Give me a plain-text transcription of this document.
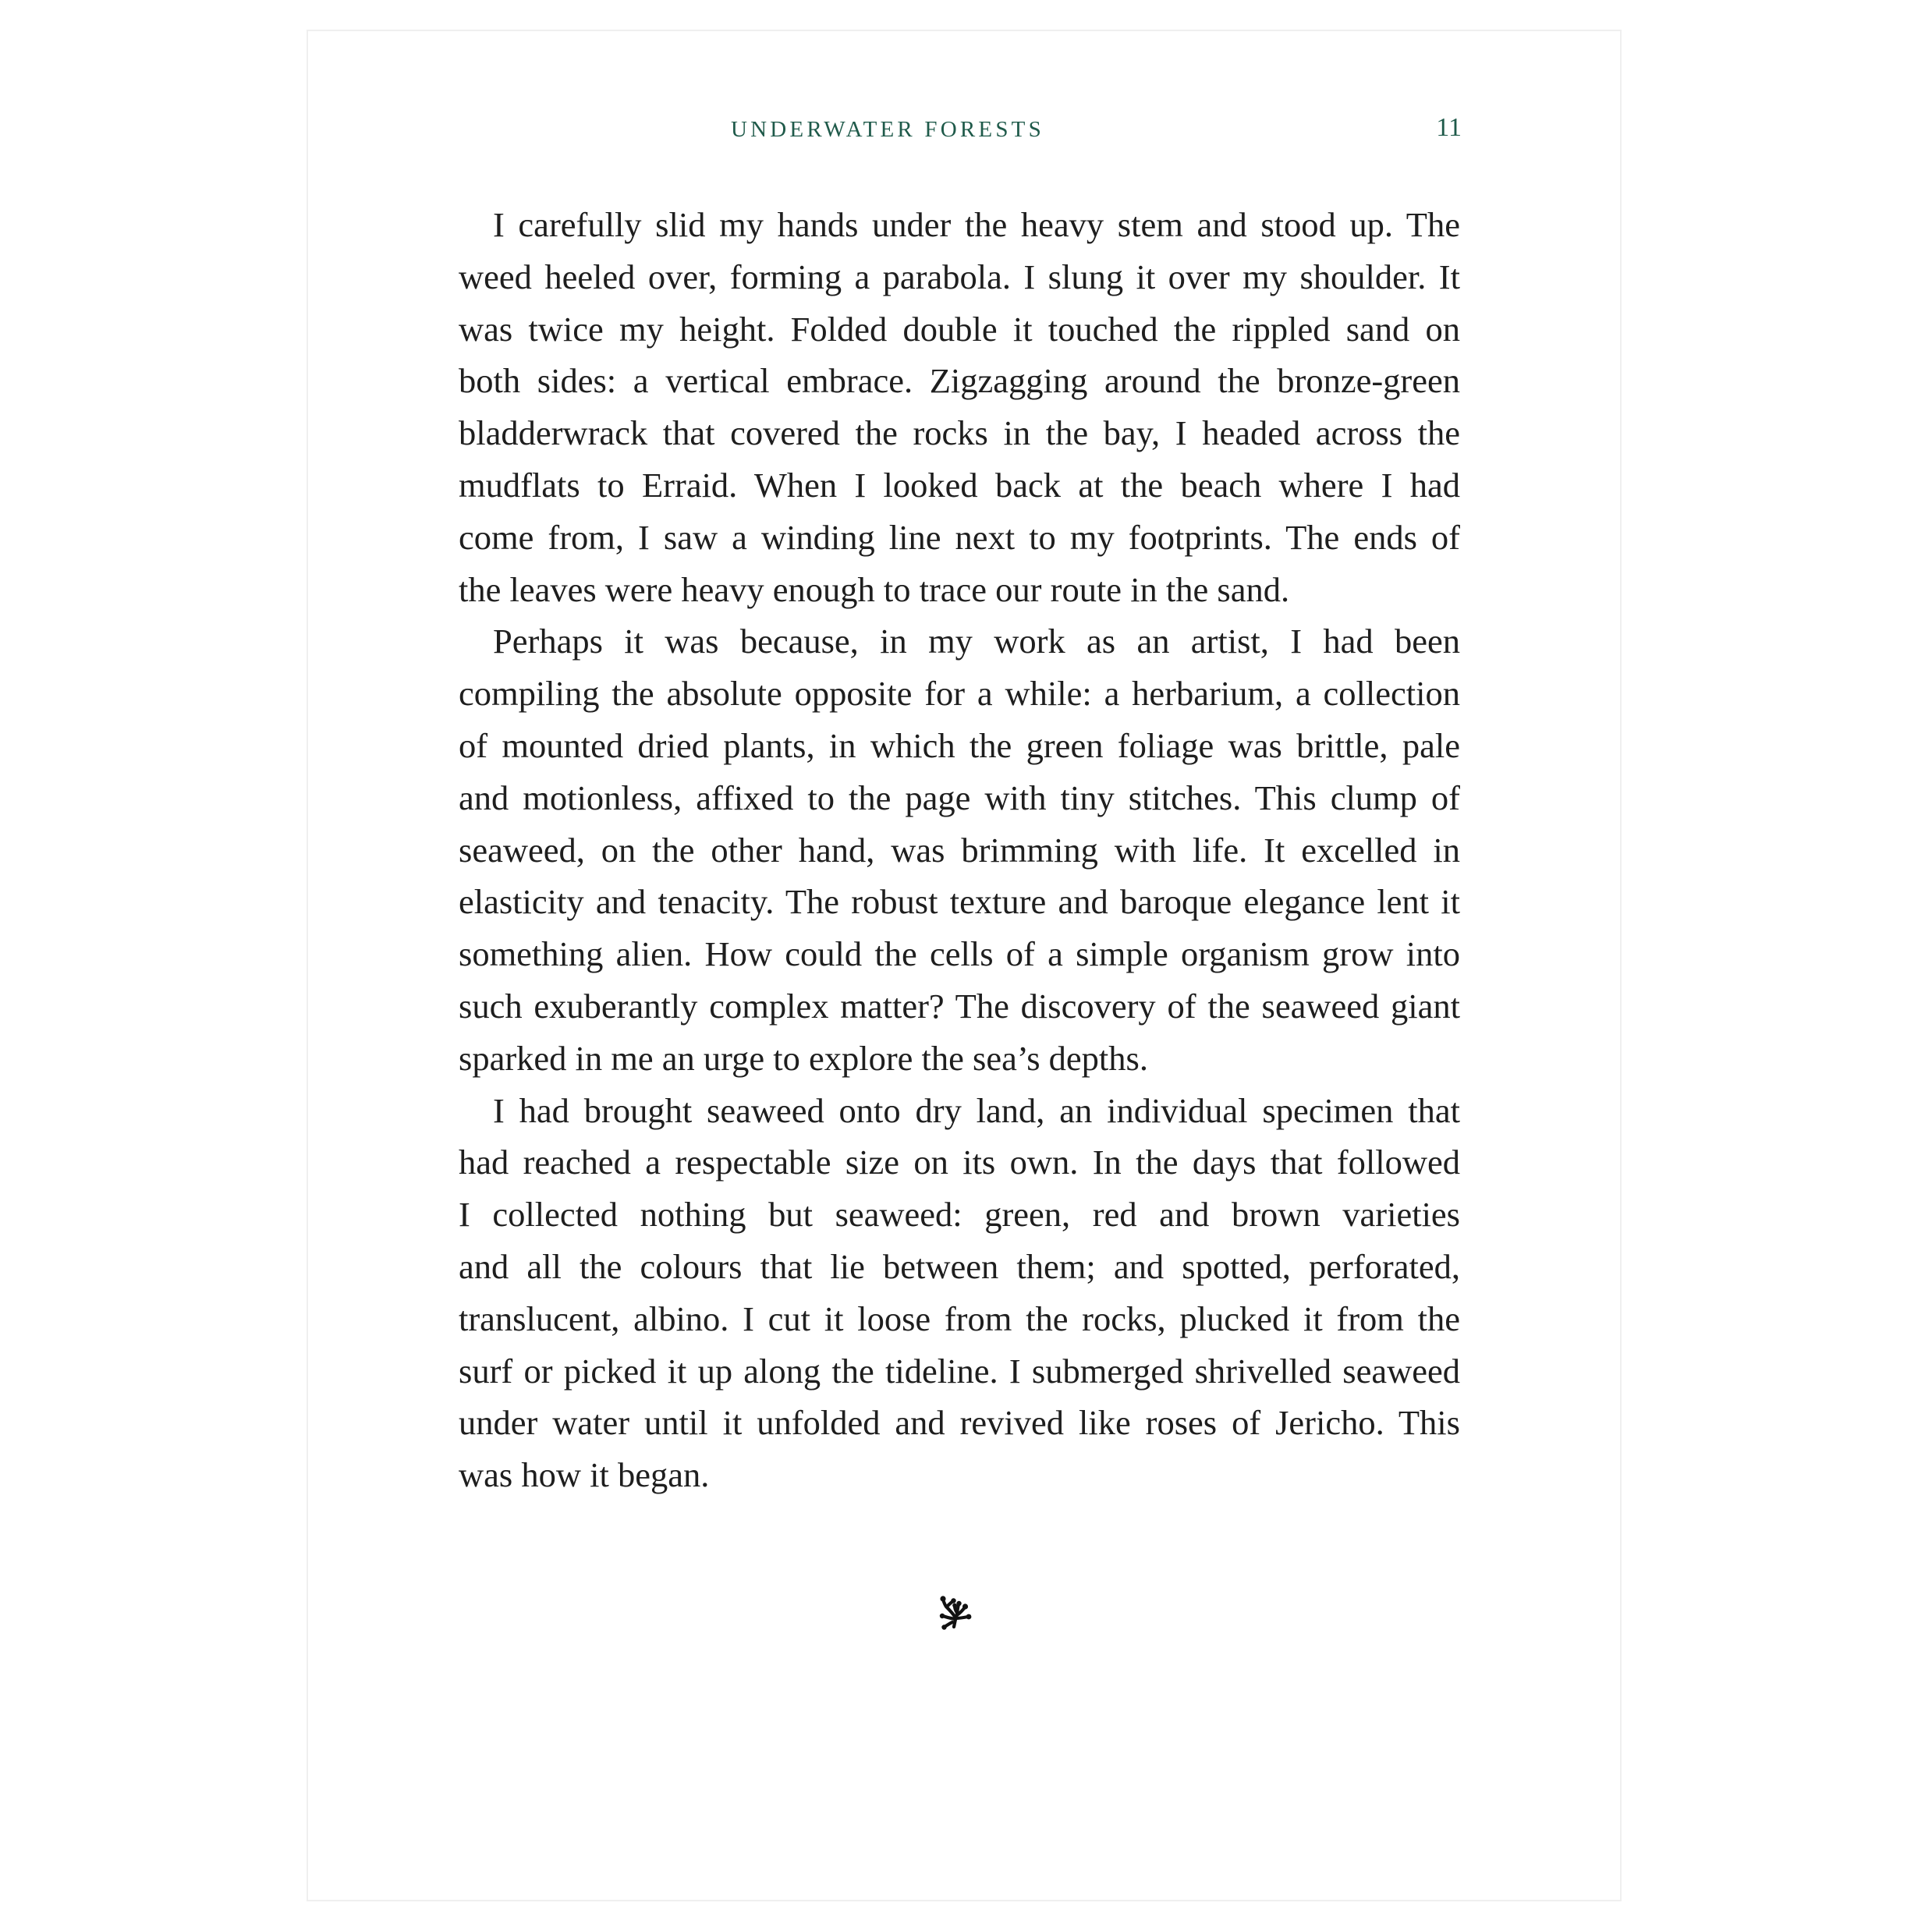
UNDERWATER FORESTS	11
I carefully slid my hands under the heavy stem and stood up. The
weed heeled over, forming a parabola. I slung it over my shoulder. It
was twice my height. Folded double it touched the rippled sand on
both sides: a vertical embrace. Zigzagging around the bronze-green
bladderwrack that covered the rocks in the bay, I headed across the
mudflats to Erraid. When I looked back at the beach where I had
come from, I saw a winding line next to my footprints. The ends of
the leaves were heavy enough to trace our route in the sand.
Perhaps it was because, in my work as an artist, I had been
compiling the absolute opposite for a while: a herbarium, a collection
of mounted dried plants, in which the green foliage was brittle, pale
and motionless, affixed to the page with tiny stitches. This clump of
seaweed, on the other hand, was brimming with life. It excelled in
elasticity and tenacity. The robust texture and baroque elegance lent it
something alien. How could the cells of a simple organism grow into
such exuberantly complex matter? The discovery of the seaweed giant
sparked in me an urge to explore the sea’s depths.
I had brought seaweed onto dry land, an individual specimen that
had reached a respectable size on its own. In the days that followed
I collected nothing but seaweed: green, red and brown varieties
and all the colours that lie between them; and spotted, perforated,
translucent, albino. I cut it loose from the rocks, plucked it from the
surf or picked it up along the tideline. I submerged shrivelled seaweed
under water until it unfolded and revived like roses of Jericho. This
was how it began.
